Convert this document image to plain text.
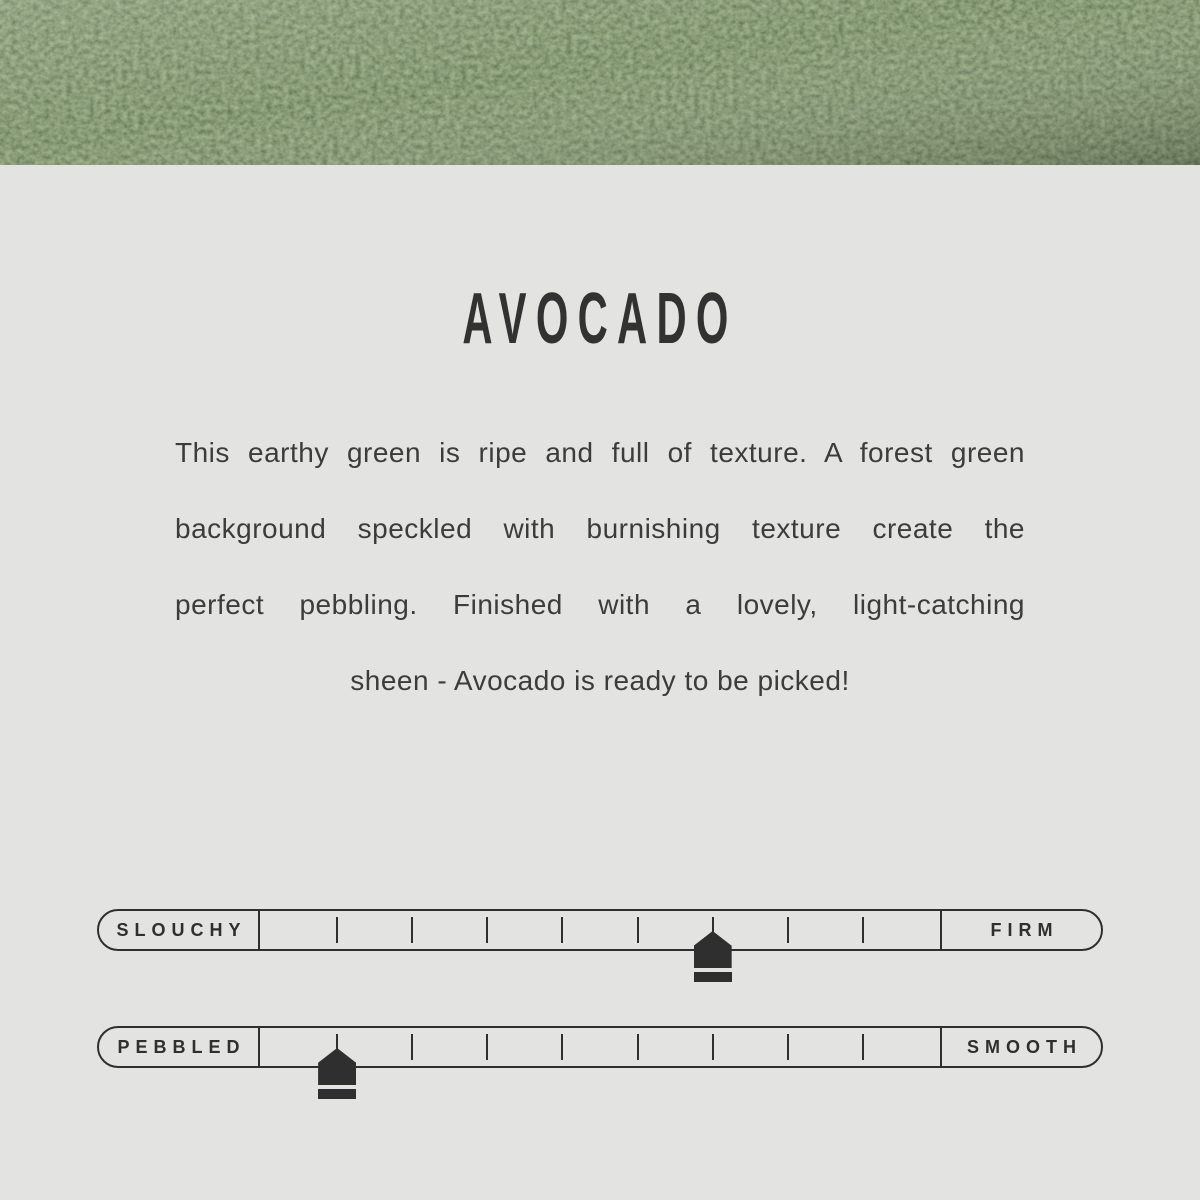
AVOCADO
This earthy green is ripe and full of texture. A forest green
background speckled with burnishing texture create the
perfect pebbling. Finished with a lovely, light-catching
sheen - Avocado is ready to be picked!
SLOUCHY	FIRM
PEBBLED	SMOOTH
